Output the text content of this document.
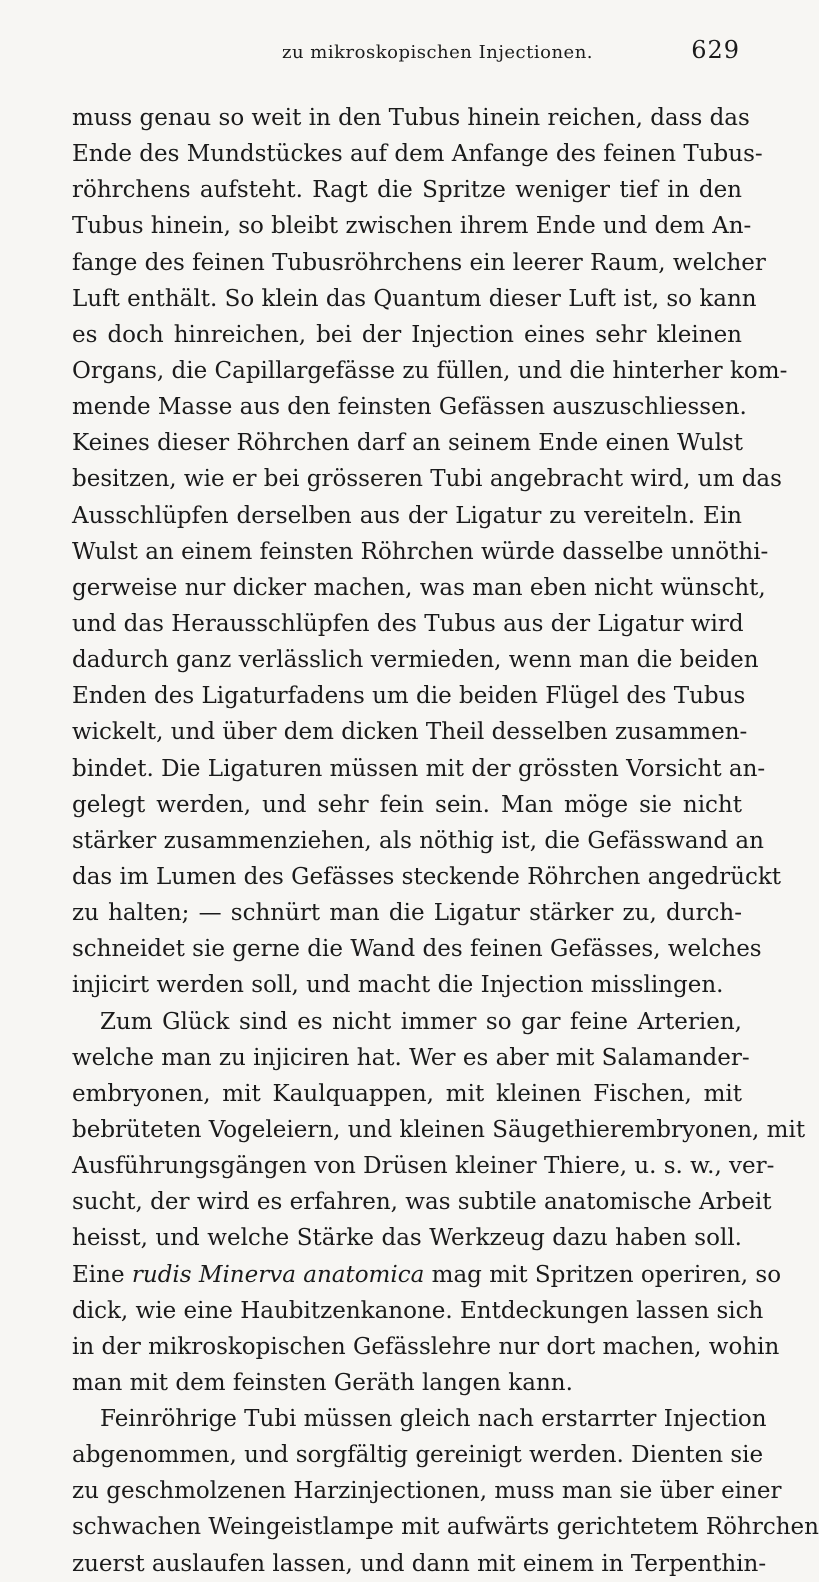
zu mikroskopischen Injectionen.	629
muss genau so weit in den Tubus hinein reichen, dass das
Ende des Mundstückes auf dem Anfange des feinen Tubus-
röhrchens aufsteht. Ragt die Spritze weniger tief in den
Tubus hinein, so bleibt zwischen ihrem Ende und dem An-
fange des feinen Tubusröhrchens ein leerer Raum, welcher
Luft enthält. So klein das Quantum dieser Luft ist, so kann
es doch hinreichen, bei der Injection eines sehr kleinen
Organs, die Capillargefässe zu füllen, und die hinterher kom-
mende Masse aus den feinsten Gefässen auszuschliessen.
Keines dieser Röhrchen darf an seinem Ende einen Wulst
besitzen, wie er bei grösseren Tubi angebracht wird, um das
Ausschlüpfen derselben aus der Ligatur zu vereiteln. Ein
Wulst an einem feinsten Röhrchen würde dasselbe unnöthi-
gerweise nur dicker machen, was man eben nicht wünscht,
und das Herausschlüpfen des Tubus aus der Ligatur wird
dadurch ganz verlässlich vermieden, wenn man die beiden
Enden des Ligaturfadens um die beiden Flügel des Tubus
wickelt, und über dem dicken Theil desselben zusammen-
bindet. Die Ligaturen müssen mit der grössten Vorsicht an-
gelegt werden, und sehr fein sein. Man möge sie nicht
stärker zusammenziehen, als nöthig ist, die Gefässwand an
das im Lumen des Gefässes steckende Röhrchen angedrückt
zu halten; — schnürt man die Ligatur stärker zu, durch-
schneidet sie gerne die Wand des feinen Gefässes, welches
injicirt werden soll, und macht die Injection misslingen.
Zum Glück sind es nicht immer so gar feine Arterien,
welche man zu injiciren hat. Wer es aber mit Salamander-
embryonen, mit Kaulquappen, mit kleinen Fischen, mit
bebrüteten Vogeleiern, und kleinen Säugethierembryonen, mit
Ausführungsgängen von Drüsen kleiner Thiere, u. s. w., ver-
sucht, der wird es erfahren, was subtile anatomische Arbeit
heisst, und welche Stärke das Werkzeug dazu haben soll.
Eine rudis Minerva anatomica mag mit Spritzen operiren, so
dick, wie eine Haubitzenkanone. Entdeckungen lassen sich
in der mikroskopischen Gefässlehre nur dort machen, wohin
man mit dem feinsten Geräth langen kann.
Feinröhrige Tubi müssen gleich nach erstarrter Injection
abgenommen, und sorgfältig gereinigt werden. Dienten sie
zu geschmolzenen Harzinjectionen, muss man sie über einer
schwachen Weingeistlampe mit aufwärts gerichtetem Röhrchen
zuerst auslaufen lassen, und dann mit einem in Terpenthin-
